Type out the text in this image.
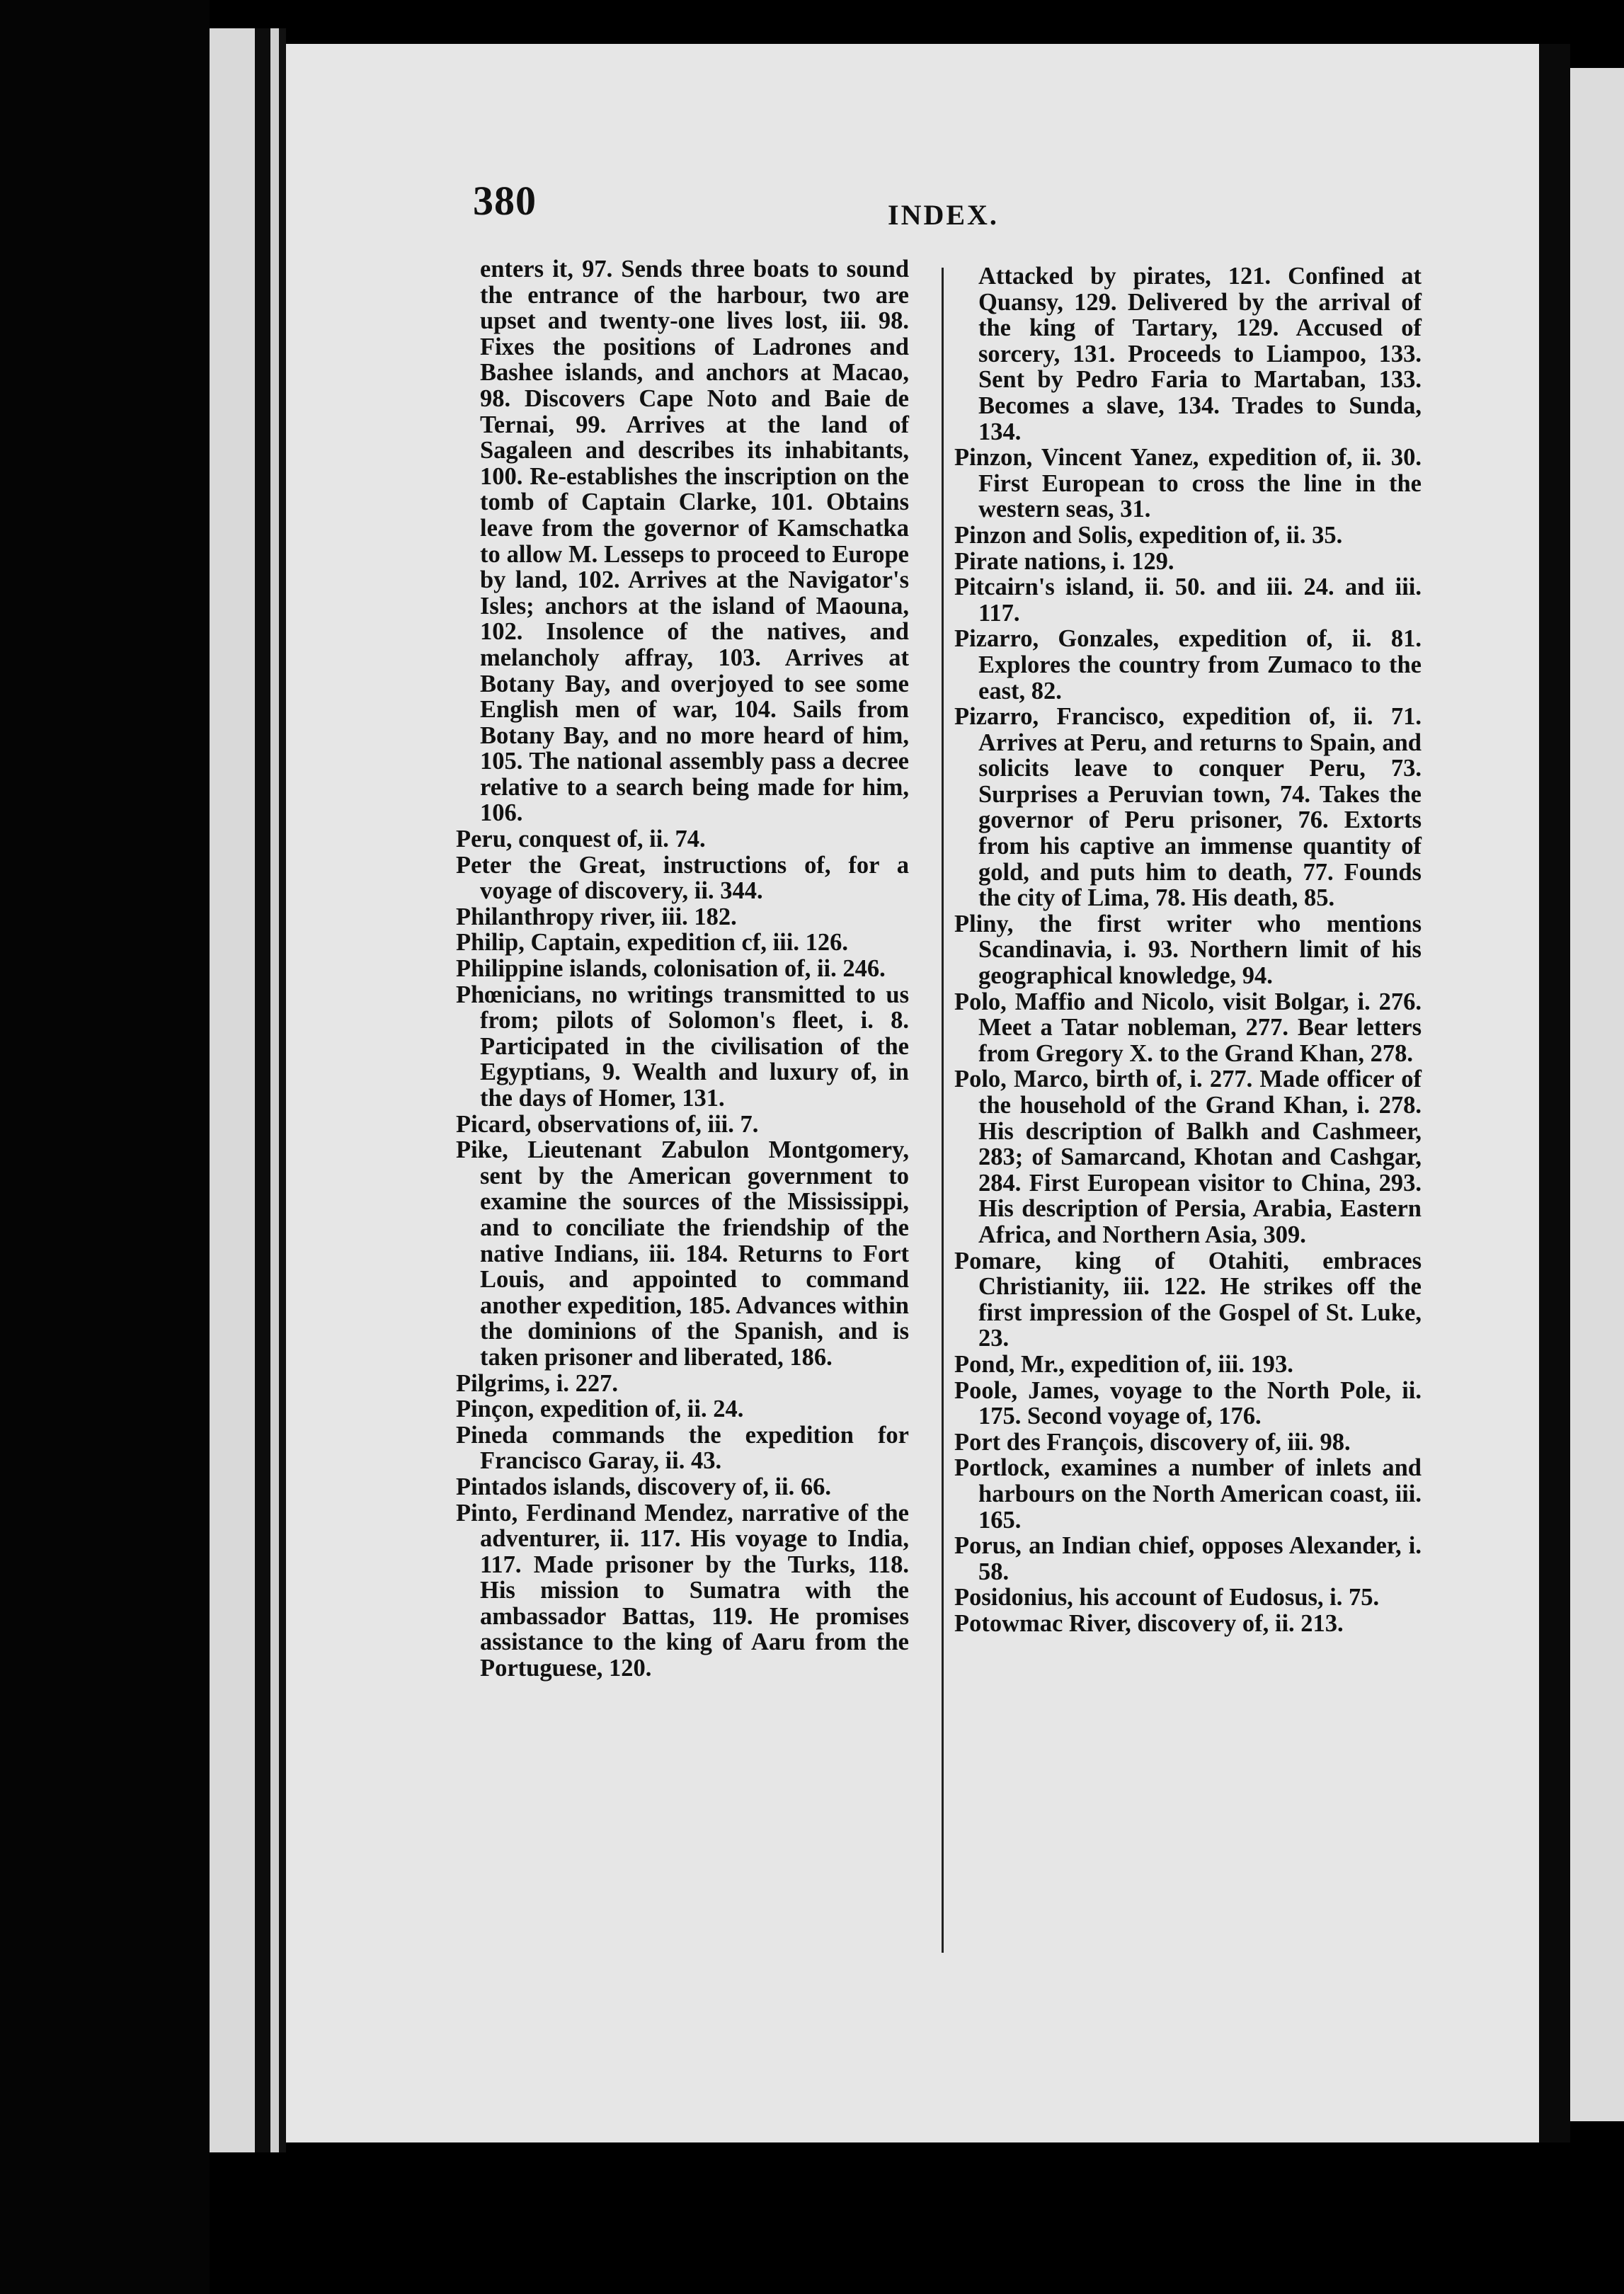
380	INDEX.

enters it, 97. Sends three boats to sound the entrance of the harbour, two are upset and twenty-one lives lost, iii. 98. Fixes the positions of Ladrones and Bashee islands, and anchors at Macao, 98. Discovers Cape Noto and Baie de Ternai, 99. Arrives at the land of Sagaleen and describes its inhabitants, 100. Re-establishes the inscription on the tomb of Captain Clarke, 101. Obtains leave from the governor of Kamschatka to allow M. Lesseps to proceed to Europe by land, 102. Arrives at the Navigator's Isles; anchors at the island of Maouna, 102. Insolence of the natives, and melancholy affray, 103. Arrives at Botany Bay, and overjoyed to see some English men of war, 104. Sails from Botany Bay, and no more heard of him, 105. The national assembly pass a decree relative to a search being made for him, 106.

Peru, conquest of, ii. 74.

Peter the Great, instructions of, for a voyage of discovery, ii. 344.

Philanthropy river, iii. 182.

Philip, Captain, expedition cf, iii. 126.

Philippine islands, colonisation of, ii. 246.

Phœnicians, no writings transmitted to us from; pilots of Solomon's fleet, i. 8. Participated in the civilisation of the Egyptians, 9. Wealth and luxury of, in the days of Homer, 131.

Picard, observations of, iii. 7.

Pike, Lieutenant Zabulon Montgomery, sent by the American government to examine the sources of the Mississippi, and to conciliate the friendship of the native Indians, iii. 184. Returns to Fort Louis, and appointed to command another expedition, 185. Advances within the dominions of the Spanish, and is taken prisoner and liberated, 186.

Pilgrims, i. 227.

Pinçon, expedition of, ii. 24.

Pineda commands the expedition for Francisco Garay, ii. 43.

Pintados islands, discovery of, ii. 66.

Pinto, Ferdinand Mendez, narrative of the adventurer, ii. 117. His voyage to India, 117. Made prisoner by the Turks, 118. His mission to Sumatra with the ambassador Battas, 119. He promises assistance to the king of Aaru from the Portuguese, 120.

Attacked by pirates, 121. Confined at Quansy, 129. Delivered by the arrival of the king of Tartary, 129. Accused of sorcery, 131. Proceeds to Liampoo, 133. Sent by Pedro Faria to Martaban, 133. Becomes a slave, 134. Trades to Sunda, 134.

Pinzon, Vincent Yanez, expedition of, ii. 30. First European to cross the line in the western seas, 31.

Pinzon and Solis, expedition of, ii. 35.

Pirate nations, i. 129.

Pitcairn's island, ii. 50. and iii. 24. and iii. 117.

Pizarro, Gonzales, expedition of, ii. 81. Explores the country from Zumaco to the east, 82.

Pizarro, Francisco, expedition of, ii. 71. Arrives at Peru, and returns to Spain, and solicits leave to conquer Peru, 73. Surprises a Peruvian town, 74. Takes the governor of Peru prisoner, 76. Extorts from his captive an immense quantity of gold, and puts him to death, 77. Founds the city of Lima, 78. His death, 85.

Pliny, the first writer who mentions Scandinavia, i. 93. Northern limit of his geographical knowledge, 94.

Polo, Maffio and Nicolo, visit Bolgar, i. 276. Meet a Tatar nobleman, 277. Bear letters from Gregory X. to the Grand Khan, 278.

Polo, Marco, birth of, i. 277. Made officer of the household of the Grand Khan, i. 278. His description of Balkh and Cashmeer, 283; of Samarcand, Khotan and Cashgar, 284. First European visitor to China, 293. His description of Persia, Arabia, Eastern Africa, and Northern Asia, 309.

Pomare, king of Otahiti, embraces Christianity, iii. 122. He strikes off the first impression of the Gospel of St. Luke, 23.

Pond, Mr., expedition of, iii. 193.

Poole, James, voyage to the North Pole, ii. 175. Second voyage of, 176.

Port des François, discovery of, iii. 98.

Portlock, examines a number of inlets and harbours on the North American coast, iii. 165.

Porus, an Indian chief, opposes Alexander, i. 58.

Posidonius, his account of Eudosus, i. 75.

Potowmac River, discovery of, ii. 213.
